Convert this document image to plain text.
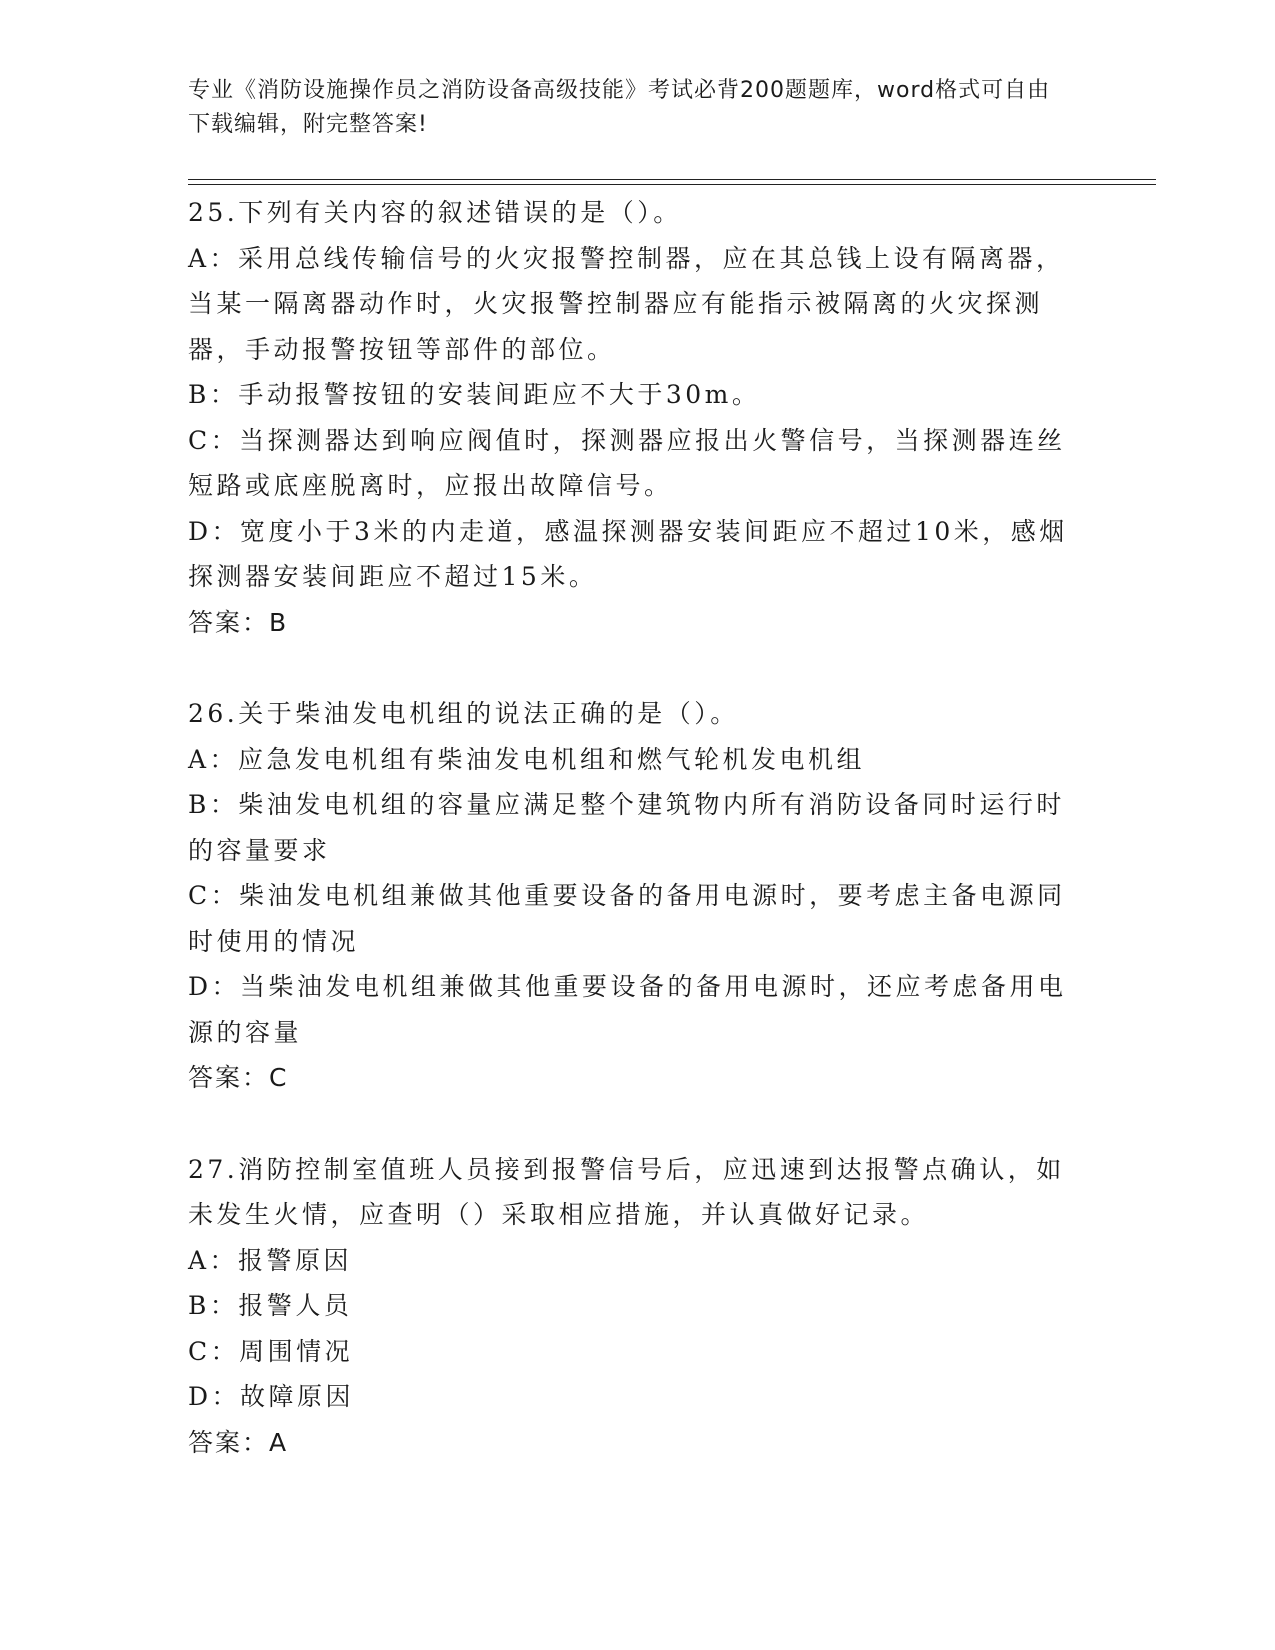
专业《消防设施操作员之消防设备高级技能》考试必背200题题库，word格式可自由下载编辑，附完整答案!

25.下列有关内容的叙述错误的是（）。

A：采用总线传输信号的火灾报警控制器，应在其总钱上设有隔离器，当某一隔离器动作时，火灾报警控制器应有能指示被隔离的火灾探测器，手动报警按钮等部件的部位。

B：手动报警按钮的安装间距应不大于30m。

C：当探测器达到响应阀值时，探测器应报出火警信号，当探测器连丝短路或底座脱离时，应报出故障信号。

D：宽度小于3米的内走道，感温探测器安装间距应不超过10米，感烟探测器安装间距应不超过15米。

答案：B

26.关于柴油发电机组的说法正确的是（）。

A：应急发电机组有柴油发电机组和燃气轮机发电机组

B：柴油发电机组的容量应满足整个建筑物内所有消防设备同时运行时的容量要求

C：柴油发电机组兼做其他重要设备的备用电源时，要考虑主备电源同时使用的情况

D：当柴油发电机组兼做其他重要设备的备用电源时，还应考虑备用电源的容量

答案：C

27.消防控制室值班人员接到报警信号后，应迅速到达报警点确认，如未发生火情，应查明（）采取相应措施，并认真做好记录。

A：报警原因

B：报警人员

C：周围情况

D：故障原因

答案：A
